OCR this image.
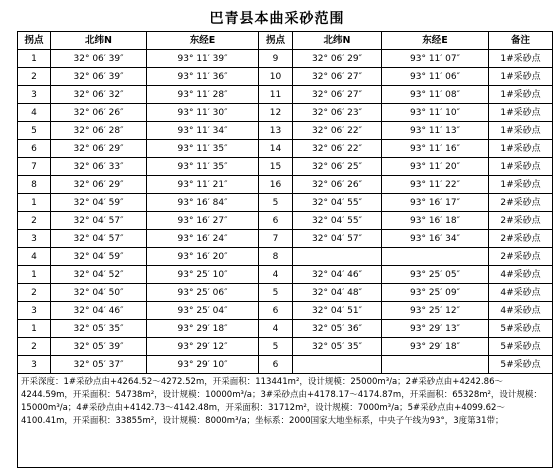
巴青县本曲采砂范围
拐点	北纬N	东经E	拐点	北纬N	东经E	备注
1	32° 06′ 39″	93° 11′ 39″	9	32° 06′ 29″	93° 11′ 07″	1#采砂点
2	32° 06′ 39″	93° 11′ 36″	10	32° 06′ 27″	93° 11′ 06″	1#采砂点
3	32° 06′ 32″	93° 11′ 28″	11	32° 06′ 27″	93° 11′ 08″	1#采砂点
4	32° 06′ 26″	93° 11′ 30″	12	32° 06′ 23″	93° 11′ 10″	1#采砂点
5	32° 06′ 28″	93° 11′ 34″	13	32° 06′ 22″	93° 11′ 13″	1#采砂点
6	32° 06′ 29″	93° 11′ 35″	14	32° 06′ 22″	93° 11′ 16″	1#采砂点
7	32° 06′ 33″	93° 11′ 35″	15	32° 06′ 25″	93° 11′ 20″	1#采砂点
8	32° 06′ 29″	93° 11′ 21″	16	32° 06′ 26″	93° 11′ 22″	1#采砂点
1	32° 04′ 59″	93° 16′ 84″	5	32° 04′ 55″	93° 16′ 17″	2#采砂点
2	32° 04′ 57″	93° 16′ 27″	6	32° 04′ 55″	93° 16′ 18″	2#采砂点
3	32° 04′ 57″	93° 16′ 24″	7	32° 04′ 57″	93° 16′ 34″	2#采砂点
4	32° 04′ 59″	93° 16′ 20″	8			2#采砂点
1	32° 04′ 52″	93° 25′ 10″	4	32° 04′ 46″	93° 25′ 05″	4#采砂点
2	32° 04′ 50″	93° 25′ 06″	5	32° 04′ 48″	93° 25′ 09″	4#采砂点
3	32° 04′ 46″	93° 25′ 04″	6	32° 04′ 51″	93° 25′ 12″	4#采砂点
1	32° 05′ 35″	93° 29′ 18″	4	32° 05′ 36″	93° 29′ 13″	5#采砂点
2	32° 05′ 39″	93° 29′ 12″	5	32° 05′ 35″	93° 29′ 18″	5#采砂点
3	32° 05′ 37″	93° 29′ 10″	6			5#采砂点
开采深度：1#采砂点由+4264.52～4272.52m，开采面积：113441m²，设计规模：25000m³/a；2#采砂点由+4242.86～4244.59m，开采面积：54738m²，设计规模：10000m³/a；3#采砂点由+4178.17～4174.87m，开采面积：65328m²，设计规模：15000m³/a；4#采砂点由+4142.73～4142.48m，开采面积：31712m²，设计规模：7000m³/a；5#采砂点由+4099.62～4100.41m，开采面积：33855m²，设计规模：8000m³/a；坐标系：2000国家大地坐标系，中央子午线为93°，3度第31带；						
